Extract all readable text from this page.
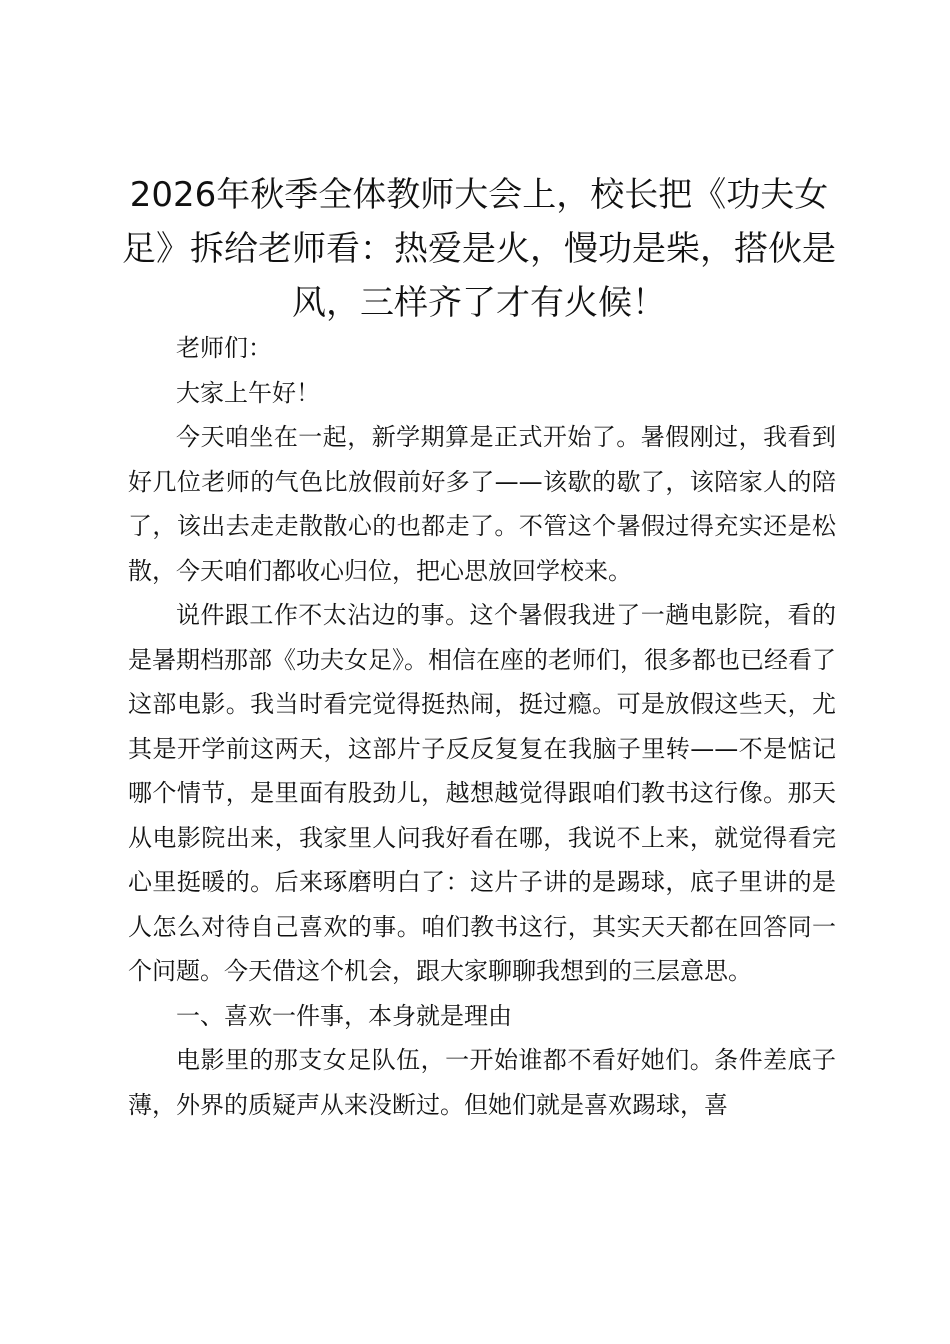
2026年秋季全体教师大会上，校长把《功夫女足》拆给老师看：热爱是火，慢功是柴，搭伙是风，三样齐了才有火候！

老师们：

大家上午好！

今天咱坐在一起，新学期算是正式开始了。暑假刚过，我看到好几位老师的气色比放假前好多了——该歇的歇了，该陪家人的陪了，该出去走走散散心的也都走了。不管这个暑假过得充实还是松散，今天咱们都收心归位，把心思放回学校来。

说件跟工作不太沾边的事。这个暑假我进了一趟电影院，看的是暑期档那部《功夫女足》。相信在座的老师们，很多都也已经看了这部电影。我当时看完觉得挺热闹，挺过瘾。可是放假这些天，尤其是开学前这两天，这部片子反反复复在我脑子里转——不是惦记哪个情节，是里面有股劲儿，越想越觉得跟咱们教书这行像。那天从电影院出来，我家里人问我好看在哪，我说不上来，就觉得看完心里挺暖的。后来琢磨明白了：这片子讲的是踢球，底子里讲的是人怎么对待自己喜欢的事。咱们教书这行，其实天天都在回答同一个问题。今天借这个机会，跟大家聊聊我想到的三层意思。

一、喜欢一件事，本身就是理由

电影里的那支女足队伍，一开始谁都不看好她们。条件差底子薄，外界的质疑声从来没断过。但她们就是喜欢踢球，喜
